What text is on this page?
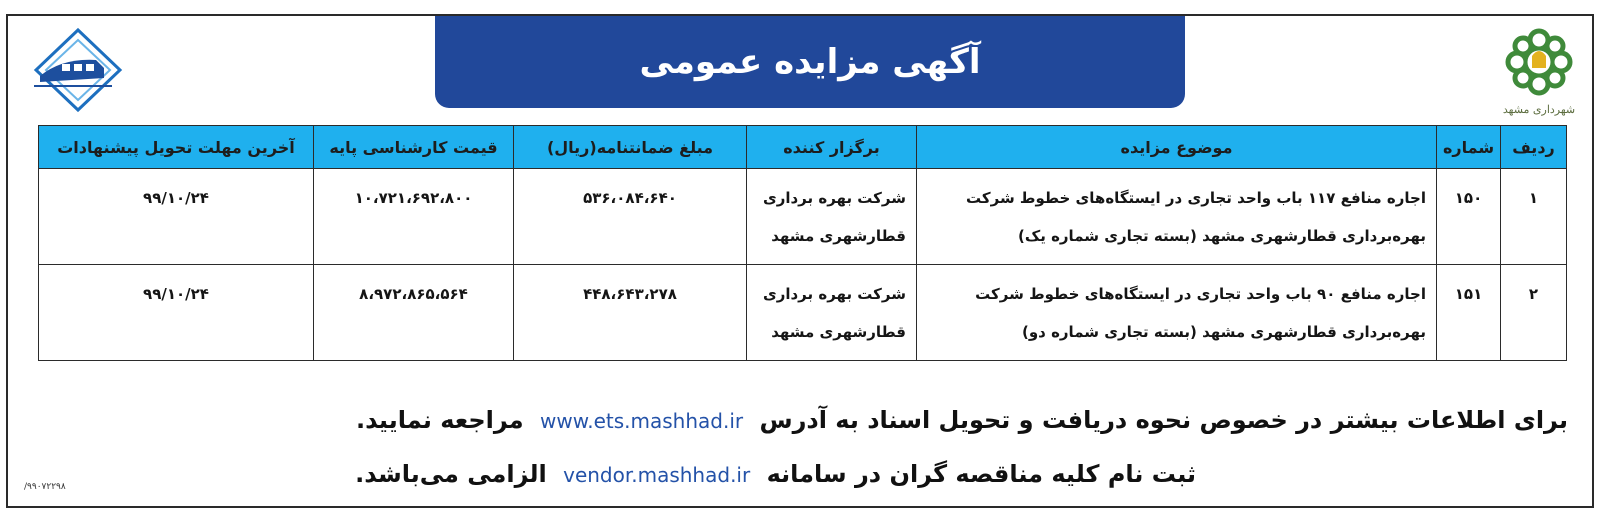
شهرداری مشهد
آگهی مزایده عمومی
ردیف	شماره	موضوع مزایده	برگزار کننده	مبلغ ضمانتنامه(ریال)	قیمت کارشناسی پایه	آخرین مهلت تحویل پیشنهادات
۱	۱۵۰	اجاره منافع ۱۱۷ باب واحد تجاری در ایستگاه‌های خطوط شرکت بهره‌برداری قطارشهری مشهد (بسته تجاری شماره یک)	شرکت بهره برداری قطارشهری مشهد	۵۳۶،۰۸۴،۶۴۰	۱۰،۷۲۱،۶۹۲،۸۰۰	۹۹/۱۰/۲۴
۲	۱۵۱	اجاره منافع ۹۰ باب واحد تجاری در ایستگاه‌های خطوط شرکت بهره‌برداری قطارشهری مشهد (بسته تجاری شماره دو)	شرکت بهره برداری قطارشهری مشهد	۴۴۸،۶۴۳،۲۷۸	۸،۹۷۲،۸۶۵،۵۶۴	۹۹/۱۰/۲۴
برای اطلاعات بیشتر در خصوص نحوه دریافت و تحویل اسناد به آدرس www.ets.mashhad.ir مراجعه نمایید.
ثبت نام کلیه مناقصه گران در سامانه vendor.mashhad.ir الزامی می‌باشد.
/۹۹۰۷۲۲۹۸
